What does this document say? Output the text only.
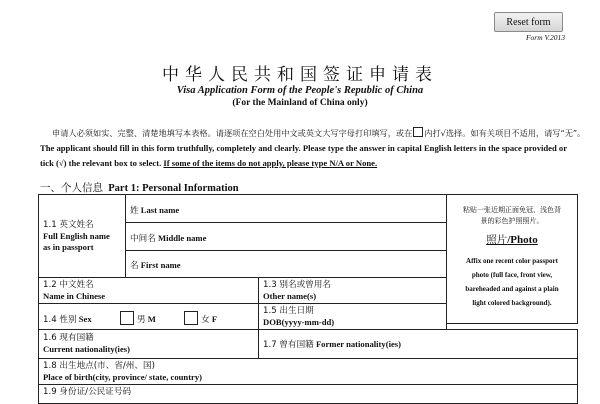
Reset form
Form V.2013
中华人民共和国签证申请表
Visa Application Form of the People's Republic of China
(For the Mainland of China only)
申请人必须如实、完整、清楚地填写本表格。请逐项在空白处用中文或英文大写字母打印填写，或在 内打√选择。如有关项目不适用，请写“无”。
The applicant should fill in this form truthfully, completely and clearly. Please type the answer in capital English letters in the space provided or tick (√) the relevant box to select. If some of the items do not apply, please type N/A or None.
一、个人信息 Part 1: Personal Information
1.1 英文姓名
Full English name
as in passport
姓 Last name
中间名 Middle name
名 First name
粘贴一张近期正面免冠、浅色背
景的彩色护照照片。
照片/Photo
Affix one recent color passport
photo (full face, front view,
bareheaded and against a plain
light colored background).
1.2 中文姓名
Name in Chinese
1.3 别名或曾用名
Other name(s)
1.4 性别 Sex	男 M	女 F
1.5 出生日期
DOB(yyyy-mm-dd)
1.6 现有国籍
Current nationality(ies)	1.7 曾有国籍 Former nationality(ies)
1.8 出生地点(市、省/州、国)
Place of birth(city, province/ state, country)
1.9 身份证/公民证号码
